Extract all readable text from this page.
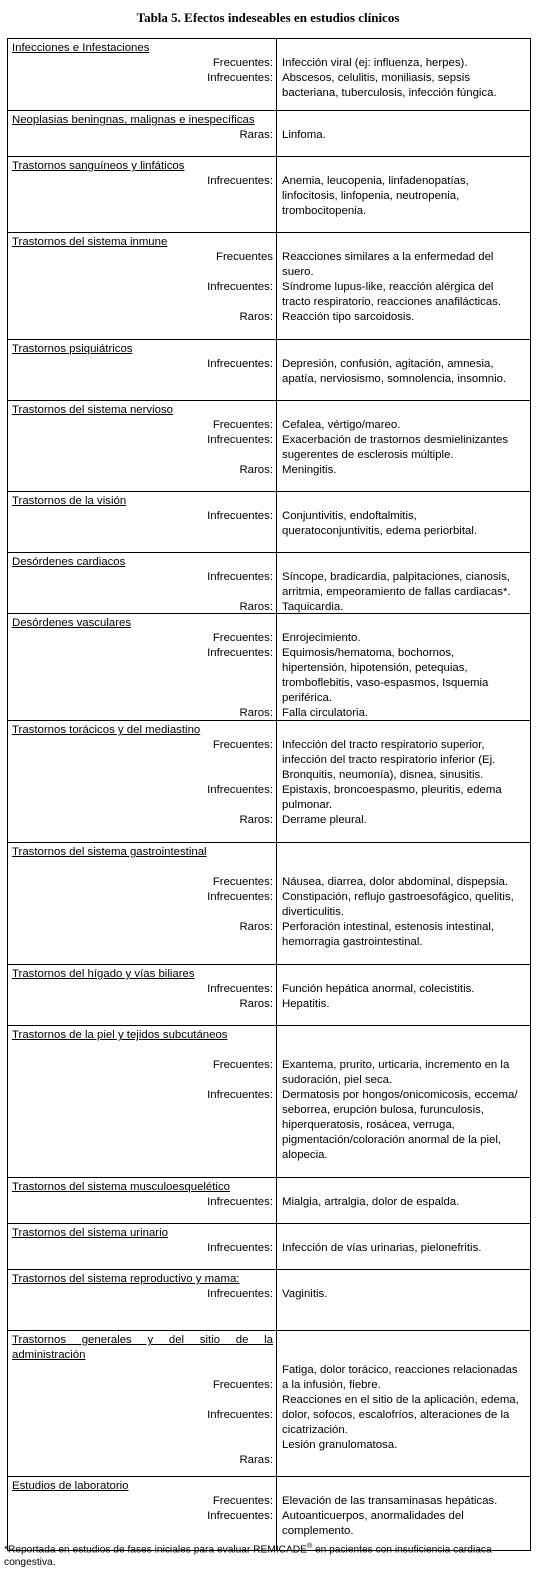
Tabla 5. Efectos indeseables en estudios clínicos
Infecciones e Infestaciones
Frecuentes:
Infrecuentes:
Infección viral (ej: influenza, herpes).
Abscesos, celulitis, moniliasis, sepsis
bacteriana, tuberculosis, infección fúngica.
Neoplasias beningnas, malignas e inespecíficas
Raras: Linfoma.
Trastornos sanguíneos y linfáticos
Infrecuentes: Anemia, leucopenia, linfadenopatías,
linfocitosis, linfopenia, neutropenia,
trombocitopenia.
Trastornos del sistema inmune
Frecuentes
Infrecuentes:
Raros:
Reacciones similares a la enfermedad del
suero.
Síndrome lupus-like, reacción alérgica del
tracto respiratorio, reacciones anafilácticas.
Reacción tipo sarcoidosis.
Trastornos psiquiátricos
Infrecuentes: Depresión, confusión, agitación, amnesia,
apatía, nerviosismo, somnolencia, insomnio.
Trastornos del sistema nervioso
Frecuentes:
Infrecuentes:
Raros:
Cefalea, vértigo/mareo.
Exacerbación de trastornos desmielinizantes
sugerentes de esclerosis múltiple.
Meningitis.
Trastornos de la visión
Infrecuentes: Conjuntivitis, endoftalmitis,
queratoconjuntivitis, edema periorbital.
Desórdenes cardiacos
Infrecuentes:
Raros:
Síncope, bradicardia, palpitaciones, cianosis,
arritmia, empeoramiento de fallas cardiacas*.
Taquicardia.
Desórdenes vasculares
Frecuentes:
Infrecuentes:
Raros:
Enrojecimiento.
Equimosis/hematoma, bochornos,
hipertensión, hipotensión, petequias,
tromboflebitis, vaso-espasmos, Isquemia
periférica.
Falla circulatoria.
Trastornos torácicos y del mediastino
Frecuentes:
Infrecuentes:
Raros:
Infección del tracto respiratorio superior,
infección del tracto respiratorio inferior (Ej.
Bronquitis, neumonía), disnea, sinusitis.
Epistaxis, broncoespasmo, pleuritis, edema
pulmonar.
Derrame pleural.
Trastornos del sistema gastrointestinal
Frecuentes:
Infrecuentes:
Raros:
Náusea, diarrea, dolor abdominal, dispepsia.
Constipación, reflujo gastroesofágico, quelitis,
diverticulitis.
Perforación intestinal, estenosis intestinal,
hemorragia gastrointestinal.
Trastornos del hígado y vías biliares
Infrecuentes:
Raros:
Función hepática anormal, colecistitis.
Hepatitis.
Trastornos de la piel y tejidos subcutáneos
Frecuentes:
Infrecuentes:
Exantema, prurito, urticaria, incremento en la
sudoración, piel seca.
Dermatosis por hongos/onicomicosis, eccema/
seborrea, erupción bulosa, furunculosis,
hiperqueratosis, rosácea, verruga,
pigmentación/coloración anormal de la piel,
alopecia.
Trastornos del sistema musculoesquelético
Infrecuentes: Mialgia, artralgia, dolor de espalda.
Trastornos del sistema urinario
Infrecuentes: Infección de vías urinarias, pielonefritis.
Trastornos del sistema reproductivo y mama:
Infrecuentes: Vaginitis.
Trastornos generales y del sitio de la administración
Frecuentes:
Infrecuentes:
Raras:
Fatiga, dolor torácico, reacciones relacionadas
a la infusión, fiebre.
Reacciones en el sitio de la aplicación, edema,
dolor, sofocos, escalofríos, alteraciones de la
cicatrización.
Lesión granulomatosa.
Estudios de laboratorio
Frecuentes:
Infrecuentes:
Elevación de las transaminasas hepáticas.
Autoanticuerpos, anormalidades del
complemento.
*Reportada en estudios de fases iniciales para evaluar REMICADE® en pacientes con insuficiencia cardiaca congestiva.
